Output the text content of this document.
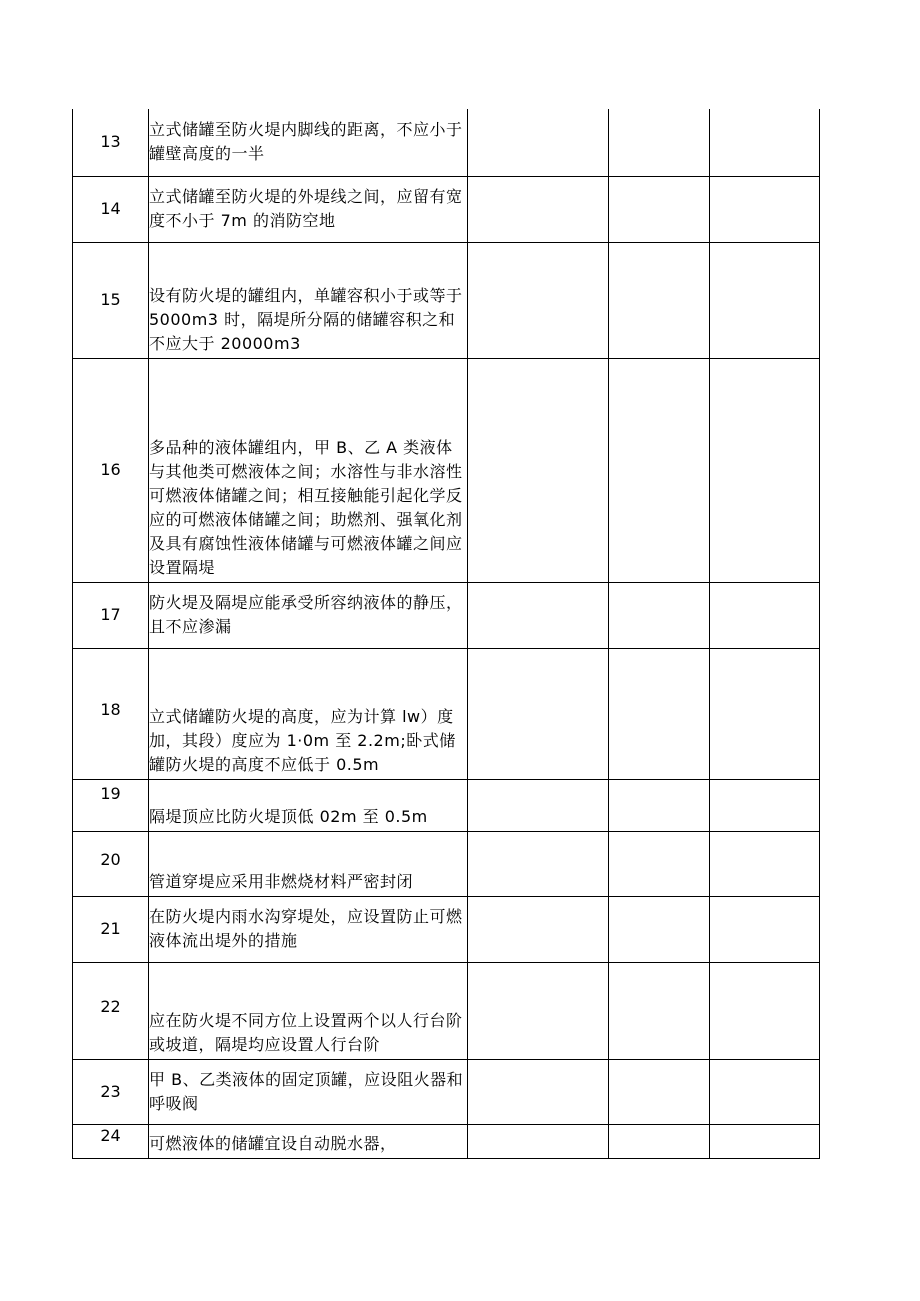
13	立式储罐至防火堤内脚线的距离，不应小于罐壁高度的一半			
14	立式储罐至防火堤的外堤线之间，应留有宽度不小于 7m 的消防空地			
15	设有防火堤的罐组内，单罐容积小于或等于 5000m3 时，隔堤所分隔的储罐容积之和不应大于 20000m3			
16	多品种的液体罐组内，甲 B、乙 A 类液体与其他类可燃液体之间；水溶性与非水溶性可燃液体储罐之间；相互接触能引起化学反应的可燃液体储罐之间；助燃剂、强氧化剂及具有腐蚀性液体储罐与可燃液体罐之间应设置隔堤			
17	防火堤及隔堤应能承受所容纳液体的静压，且不应渗漏			

18	立式储罐防火堤的高度，应为计算 lw）度加，其段）度应为 1·0m 至 2.2m;卧式储罐防火堤的高度不应低于 0.5m			

19	隔堤顶应比防火堤顶低 02m 至 0.5m			

20	管道穿堤应采用非燃烧材料严密封闭			
21	在防火堤内雨水沟穿堤处，应设置防止可燃液体流出堤外的措施			

22	应在防火堤不同方位上设置两个以人行台阶或坡道，隔堤均应设置人行台阶			
23	甲 B、乙类液体的固定顶罐，应设阻火器和呼吸阀			

24	可燃液体的储罐宜设自动脱水器，			
